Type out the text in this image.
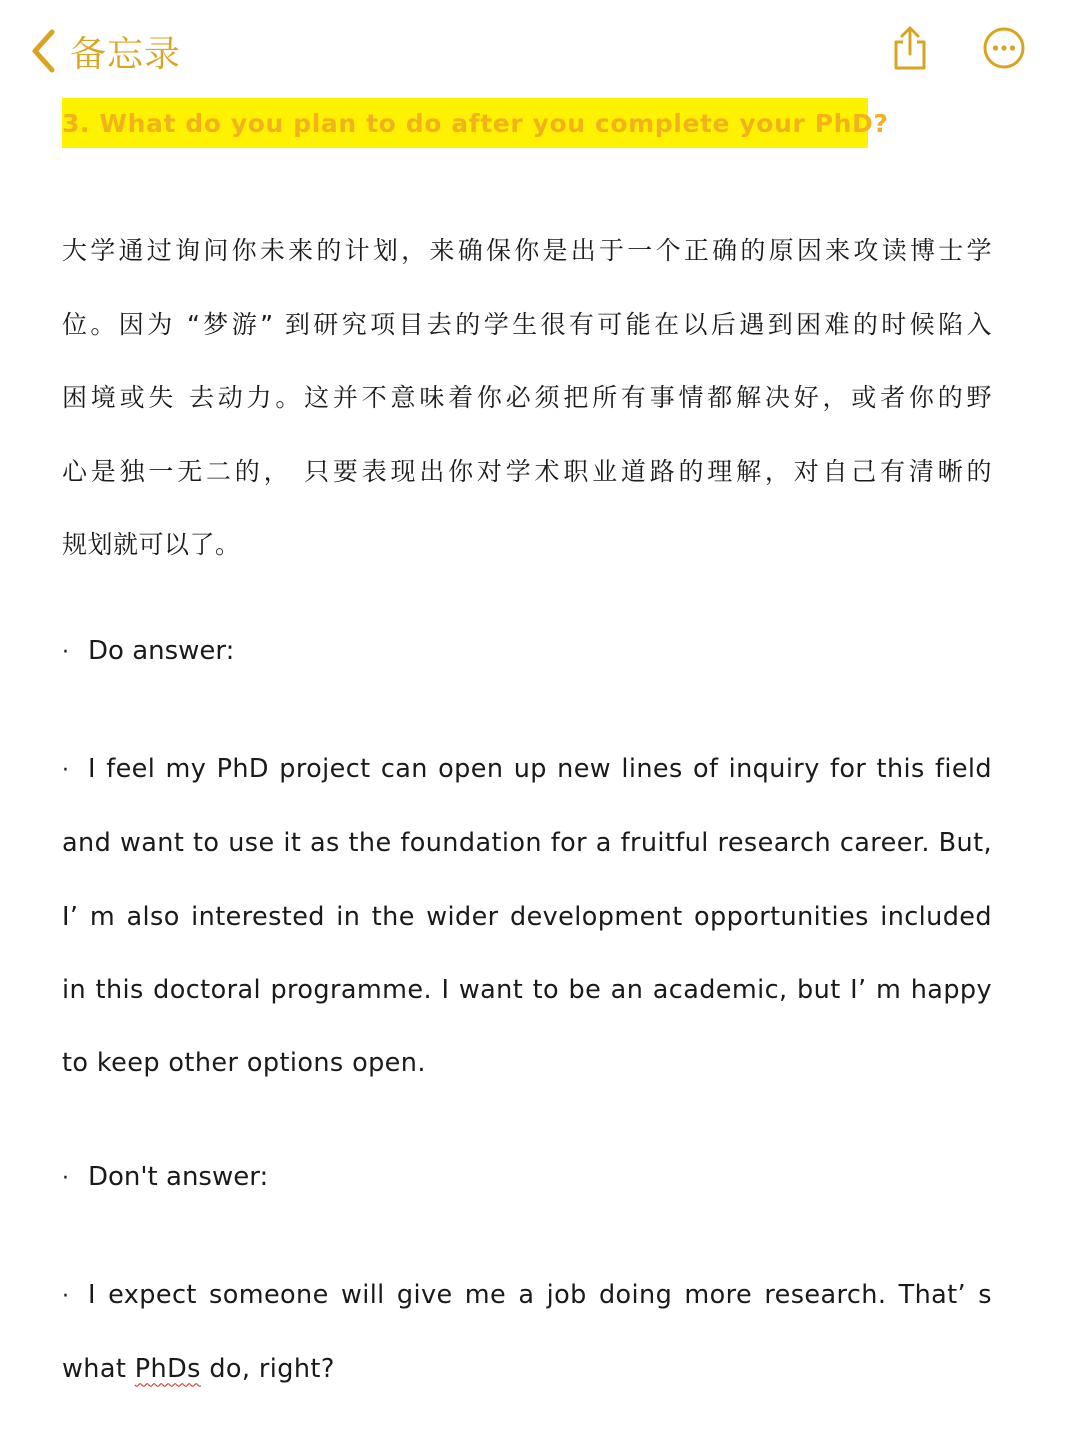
备忘录
3. What do you plan to do after you complete your PhD?
大学通过询问你未来的计划，来确保你是出于一个正确的原因来攻读博士学
位。因为 “梦游” 到研究项目去的学生很有可能在以后遇到困难的时候陷入
困境或失 去动力。这并不意味着你必须把所有事情都解决好，或者你的野
心是独一无二的， 只要表现出你对学术职业道路的理解，对自己有清晰的
规划就可以了。
· Do answer:
· I feel my PhD project can open up new lines of inquiry for this field
and want to use it as the foundation for a fruitful research career. But,
I’ m also interested in the wider development opportunities included
in this doctoral programme. I want to be an academic, but I’ m happy
to keep other options open.
· Don't answer:
· I expect someone will give me a job doing more research. That’ s
what PhDs do, right?
